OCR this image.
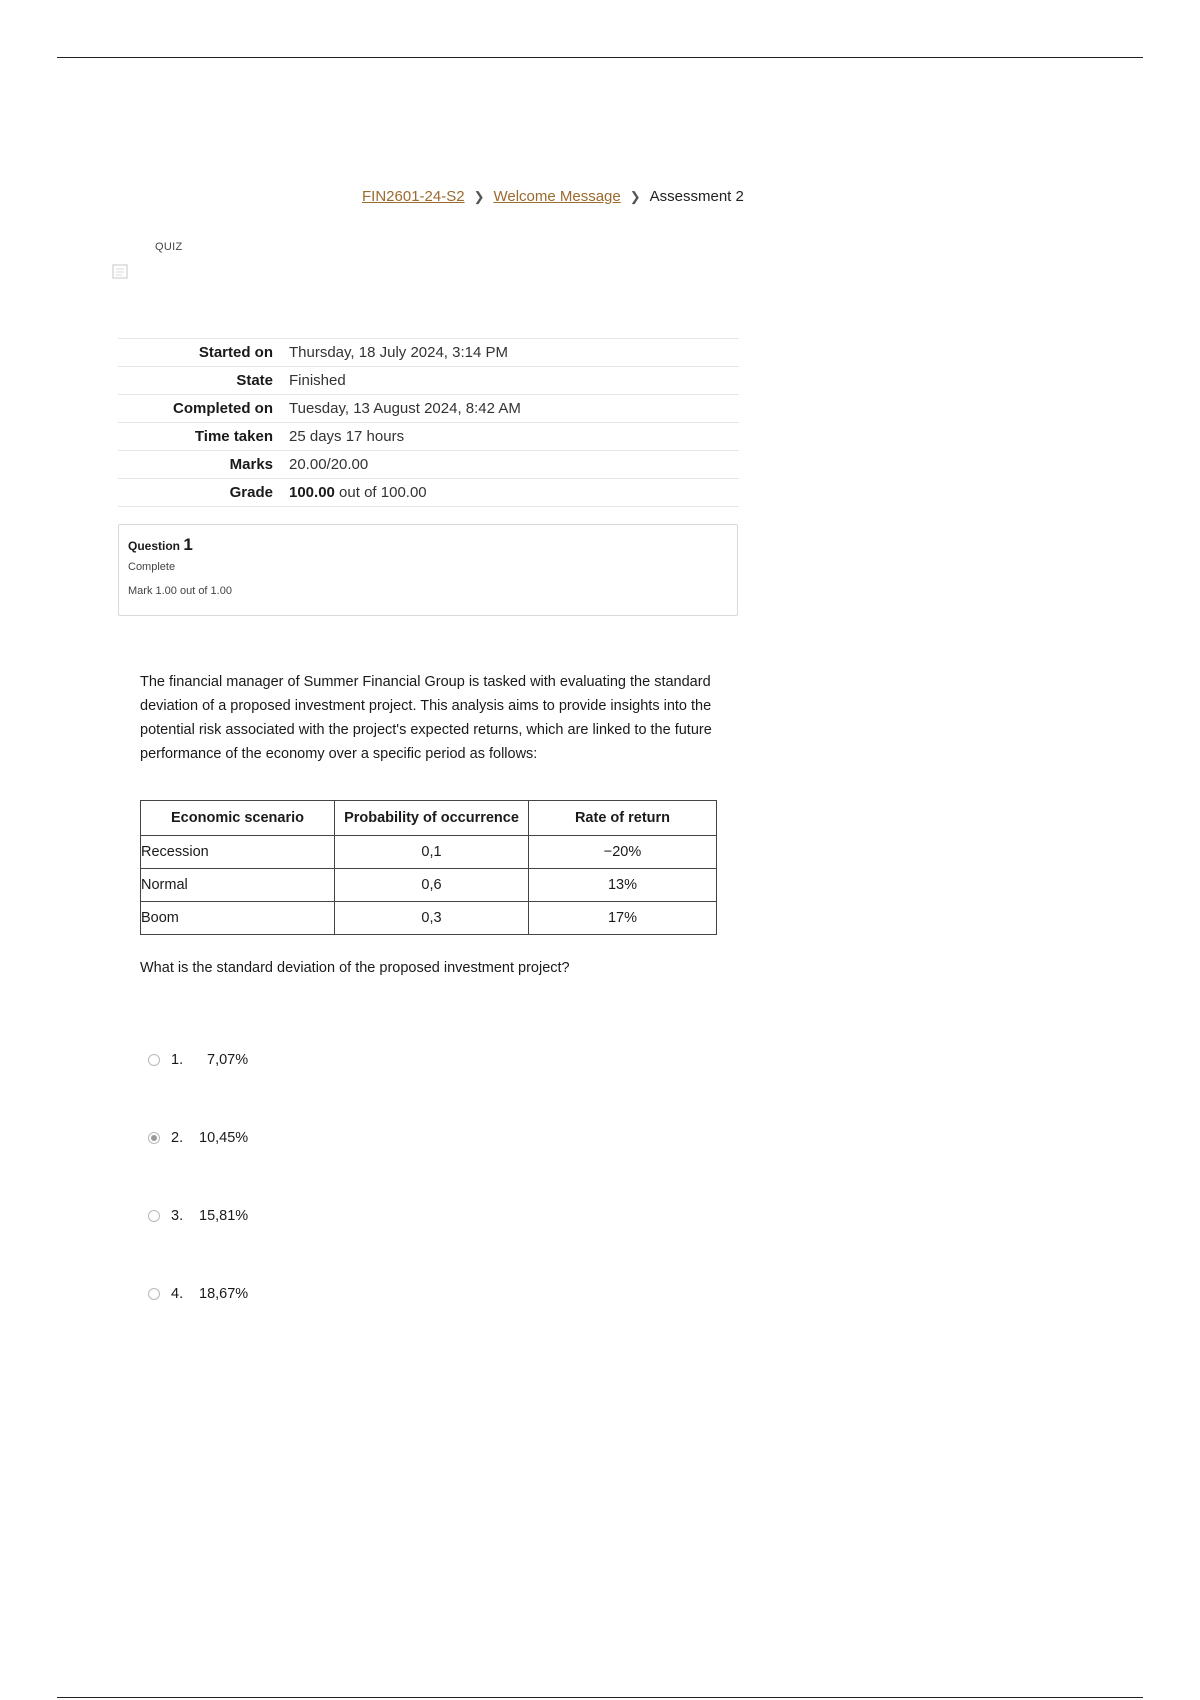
FIN2601-24-S2 ❯ Welcome Message ❯ Assessment 2
QUIZ
Started on	Thursday, 18 July 2024, 3:14 PM
State	Finished
Completed on	Tuesday, 13 August 2024, 8:42 AM
Time taken	25 days 17 hours
Marks	20.00/20.00
Grade	100.00 out of 100.00
Question 1
Complete
Mark 1.00 out of 1.00
The financial manager of Summer Financial Group is tasked with evaluating the standard deviation of a proposed investment project. This analysis aims to provide insights into the potential risk associated with the project's expected returns, which are linked to the future performance of the economy over a specific period as follows:
Economic scenario	Probability of occurrence	Rate of return
Recession	0,1	−20%
Normal	0,6	13%
Boom	0,3	17%
What is the standard deviation of the proposed investment project?
1.	7,07%
2.	10,45%
3.	15,81%
4.	18,67%
